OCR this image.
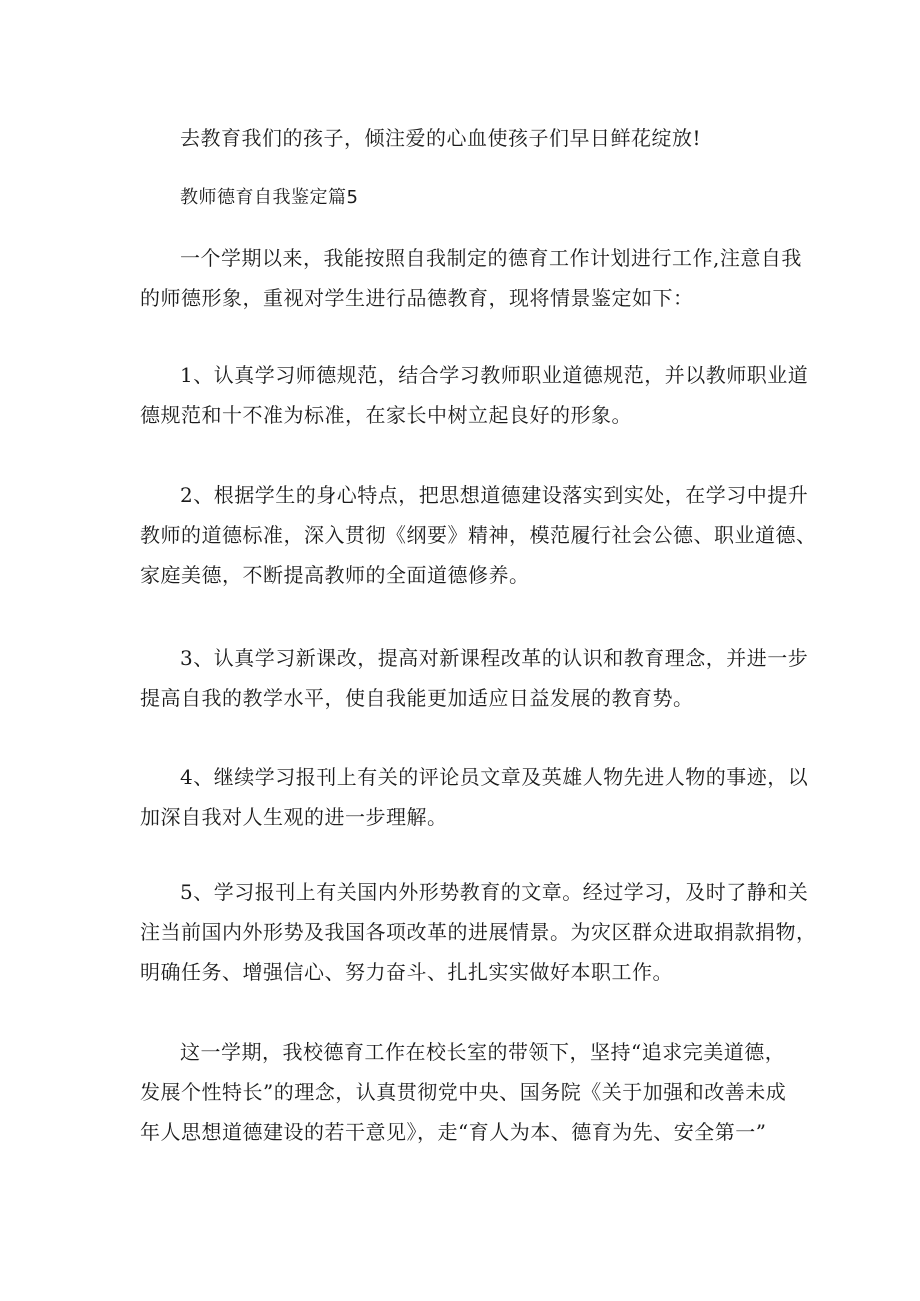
去教育我们的孩子，倾注爱的心血使孩子们早日鲜花绽放!

教师德育自我鉴定篇5

一个学期以来，我能按照自我制定的德育工作计划进行工作,注意自我
的师德形象，重视对学生进行品德教育，现将情景鉴定如下：

1、认真学习师德规范，结合学习教师职业道德规范，并以教师职业道
德规范和十不准为标准，在家长中树立起良好的形象。

2、根据学生的身心特点，把思想道德建设落实到实处，在学习中提升
教师的道德标准，深入贯彻《纲要》精神，模范履行社会公德、职业道德、
家庭美德，不断提高教师的全面道德修养。

3、认真学习新课改，提高对新课程改革的认识和教育理念，并进一步
提高自我的教学水平，使自我能更加适应日益发展的教育势。

4、继续学习报刊上有关的评论员文章及英雄人物先进人物的事迹，以
加深自我对人生观的进一步理解。

5、学习报刊上有关国内外形势教育的文章。经过学习，及时了静和关
注当前国内外形势及我国各项改革的进展情景。为灾区群众进取捐款捐物，
明确任务、增强信心、努力奋斗、扎扎实实做好本职工作。

这一学期，我校德育工作在校长室的带领下，坚持“追求完美道德，
发展个性特长”的理念，认真贯彻党中央、国务院《关于加强和改善未成
年人思想道德建设的若干意见》，走“育人为本、德育为先、安全第一”
